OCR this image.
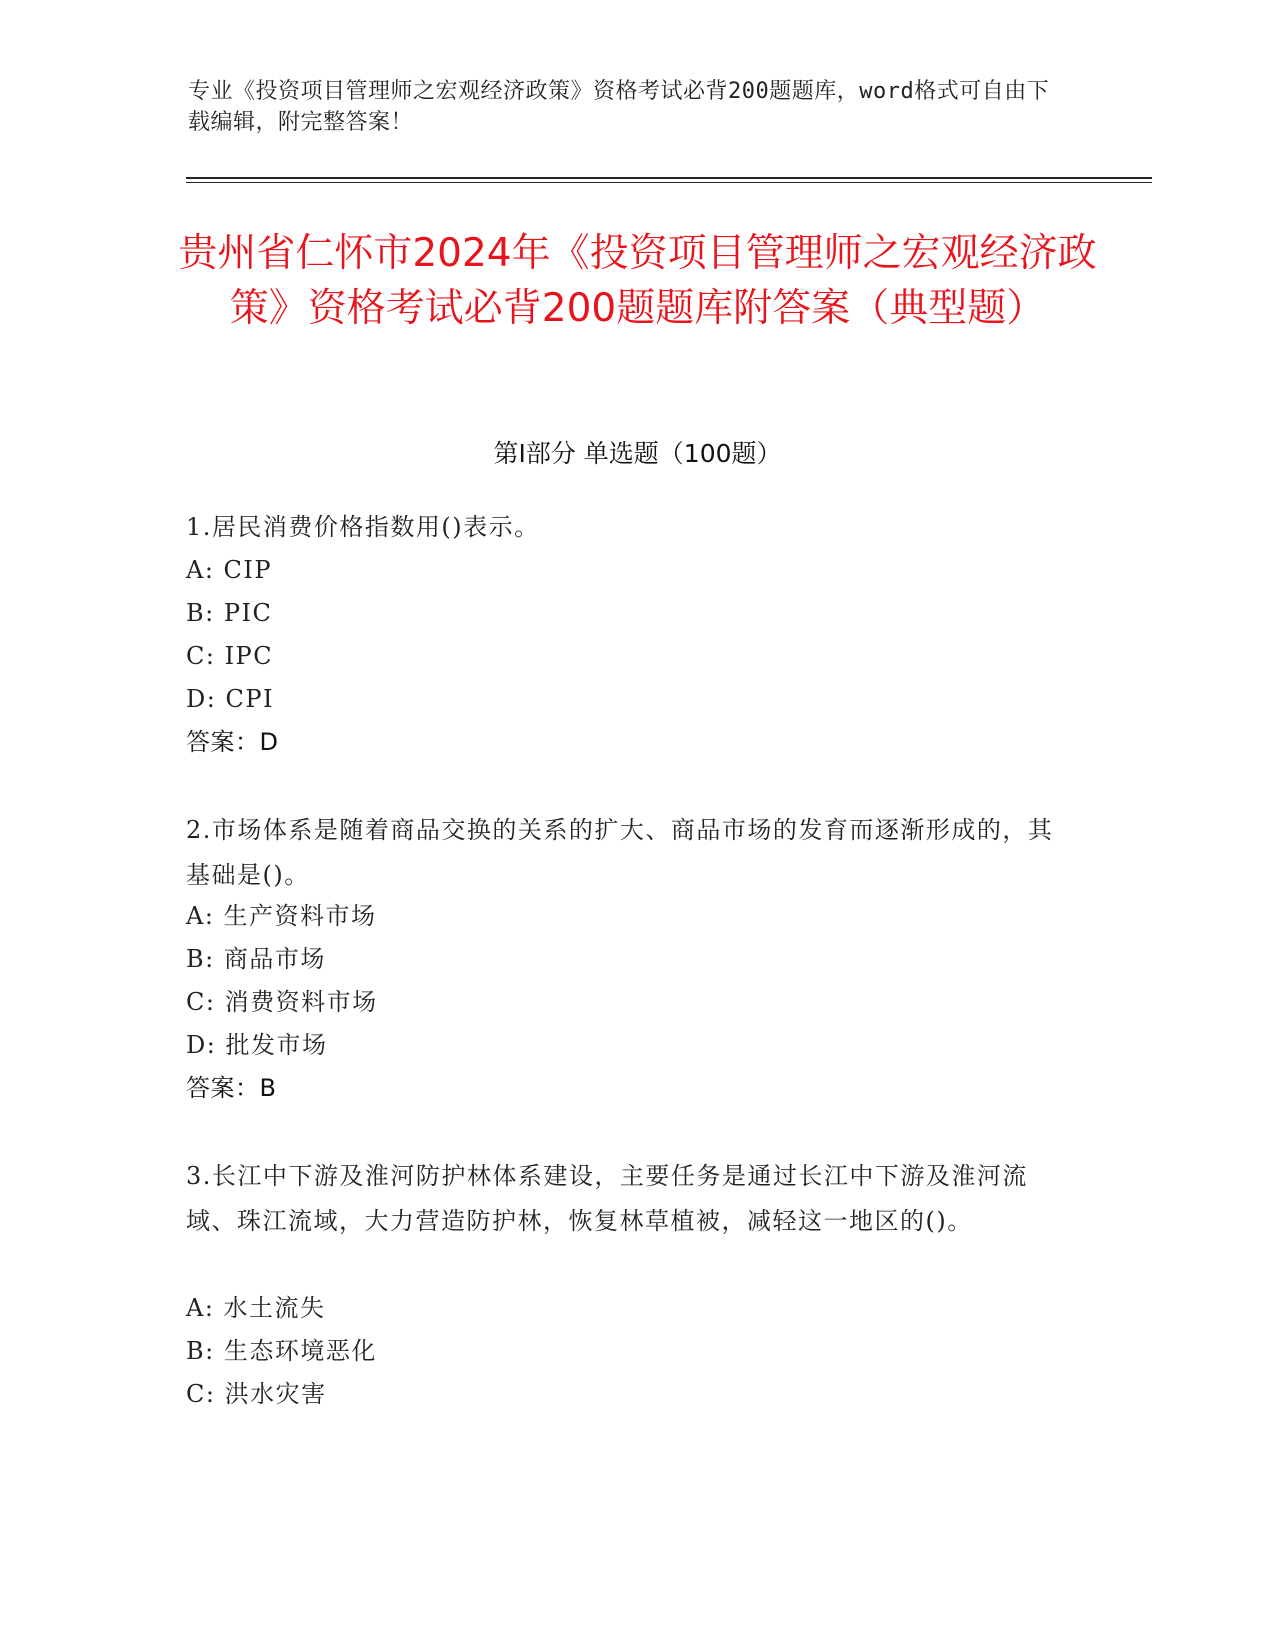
专业《投资项目管理师之宏观经济政策》资格考试必背200题题库，word格式可自由下载编辑，附完整答案！
贵州省仁怀市2024年《投资项目管理师之宏观经济政策》资格考试必背200题题库附答案（典型题）
第I部分 单选题（100题）
1.居民消费价格指数用()表示。
A: CIP
B: PIC
C: IPC
D: CPI
答案：D
2.市场体系是随着商品交换的关系的扩大、商品市场的发育而逐渐形成的，其基础是()。
A: 生产资料市场
B: 商品市场
C: 消费资料市场
D: 批发市场
答案：B
3.长江中下游及淮河防护林体系建设，主要任务是通过长江中下游及淮河流域、珠江流域，大力营造防护林，恢复林草植被，减轻这一地区的()。
A: 水土流失
B: 生态环境恶化
C: 洪水灾害
